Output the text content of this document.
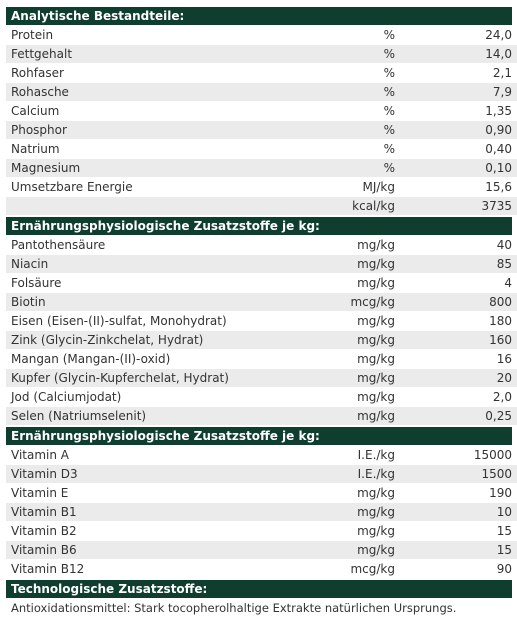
Analytische Bestandteile:
Protein	%	24,0
Fettgehalt	%	14,0
Rohfaser	%	2,1
Rohasche	%	7,9
Calcium	%	1,35
Phosphor	%	0,90
Natrium	%	0,40
Magnesium	%	0,10
Umsetzbare Energie	MJ/kg	15,6
	kcal/kg	3735
Ernährungsphysiologische Zusatzstoffe je kg:
Pantothensäure	mg/kg	40
Niacin	mg/kg	85
Folsäure	mg/kg	4
Biotin	mcg/kg	800
Eisen (Eisen-(II)-sulfat, Monohydrat)	mg/kg	180
Zink (Glycin-Zinkchelat, Hydrat)	mg/kg	160
Mangan (Mangan-(II)-oxid)	mg/kg	16
Kupfer (Glycin-Kupferchelat, Hydrat)	mg/kg	20
Jod (Calciumjodat)	mg/kg	2,0
Selen (Natriumselenit)	mg/kg	0,25
Ernährungsphysiologische Zusatzstoffe je kg:
Vitamin A	I.E./kg	15000
Vitamin D3	I.E./kg	1500
Vitamin E	mg/kg	190
Vitamin B1	mg/kg	10
Vitamin B2	mg/kg	15
Vitamin B6	mg/kg	15
Vitamin B12	mcg/kg	90
Technologische Zusatzstoffe:
Antioxidationsmittel: Stark tocopherolhaltige Extrakte natürlichen Ursprungs.
